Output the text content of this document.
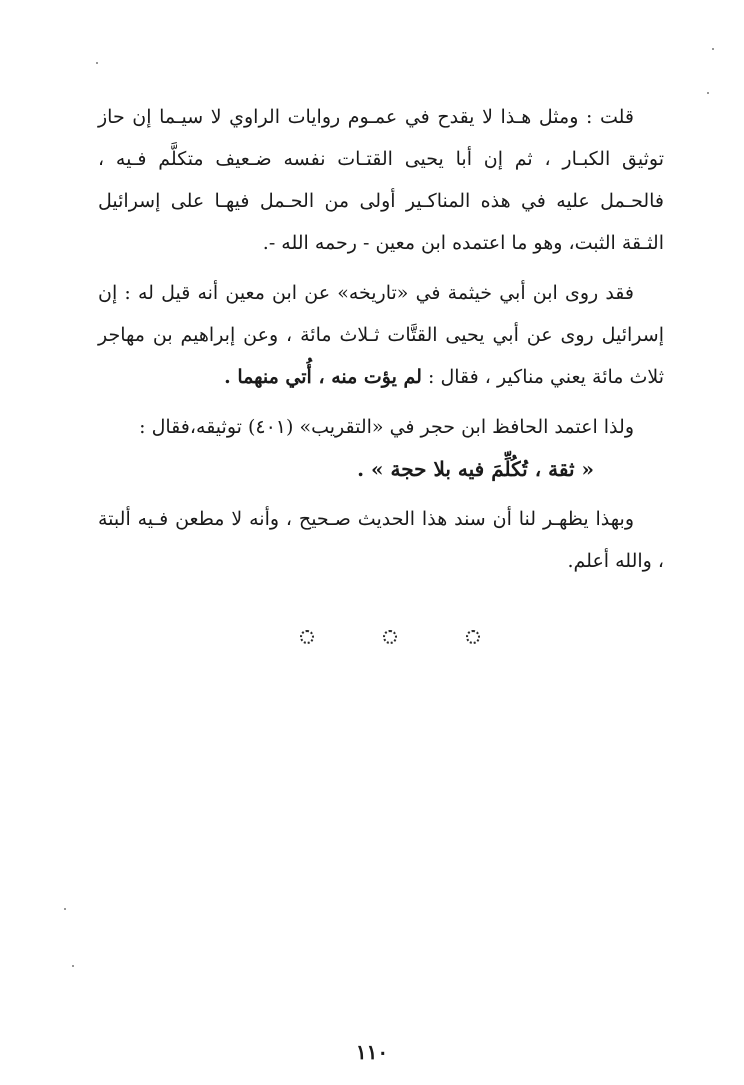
قلت : ومثل هـذا لا يقدح في عمـوم روايات الراوي لا سيـما إن حاز توثيق الكبـار ، ثم إن أبا يحيى القتـات نفسه ضـعيف متكلَّم فـيه ، فالحـمل عليه في هذه المناكـير أولى من الحـمل فيهـا على إسرائيل الثـقة الثبت، وهو ما اعتمده ابن معين - رحمه الله -.

فقد روى ابن أبي خيثمة في «تاريخه» عن ابن معين أنه قيل له : إن إسرائيل روى عن أبي يحيى القتَّات ثـلاث مائة ، وعن إبراهيم بن مهاجر ثلاث مائة يعني مناكير ، فقال : لم يؤت منه ، أُتي منهما .

ولذا اعتمد الحافظ ابن حجر في «التقريب» (٤٠١) توثيقه،فقال :

« ثقة ، تُكُلِّمَ فيه بلا حجة » .

وبهذا يظهـر لنا أن سند هذا الحديث صـحيح ، وأنه لا مطعن فـيه ألبتة ، والله أعلم.

١١٠
